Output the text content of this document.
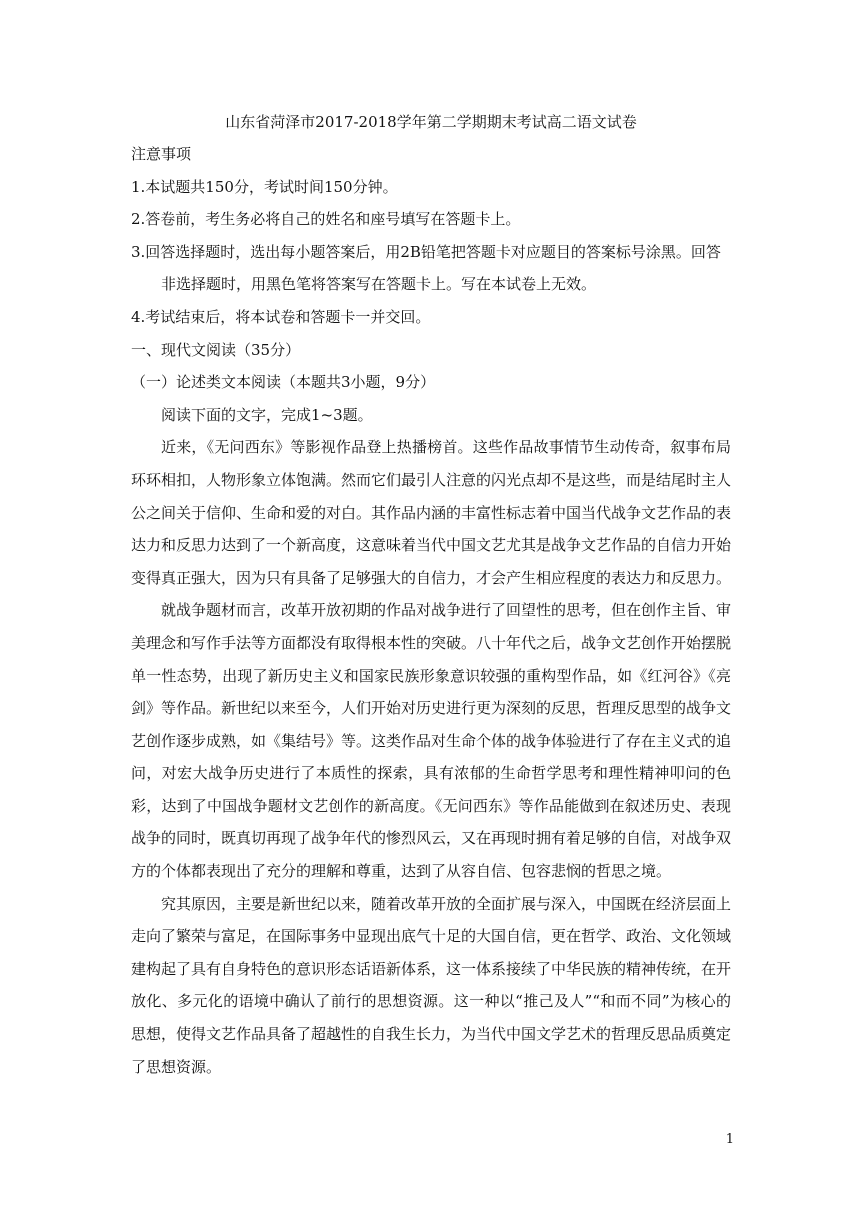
山东省菏泽市2017-2018学年第二学期期末考试高二语文试卷
注意事项
1.本试题共150分，考试时间150分钟。
2.答卷前，考生务必将自己的姓名和座号填写在答题卡上。
3.回答选择题时，选出每小题答案后，用2B铅笔把答题卡对应题目的答案标号涂黑。回答
非选择题时，用黑色笔将答案写在答题卡上。写在本试卷上无效。
4.考试结束后，将本试卷和答题卡一并交回。
一、现代文阅读（35分）
（一）论述类文本阅读（本题共3小题，9分）
阅读下面的文字，完成1~3题。

近来，《无问西东》等影视作品登上热播榜首。这些作品故事情节生动传奇，叙事布局环环相扣，人物形象立体饱满。然而它们最引人注意的闪光点却不是这些，而是结尾时主人公之间关于信仰、生命和爱的对白。其作品内涵的丰富性标志着中国当代战争文艺作品的表达力和反思力达到了一个新高度，这意味着当代中国文艺尤其是战争文艺作品的自信力开始变得真正强大，因为只有具备了足够强大的自信力，才会产生相应程度的表达力和反思力。

就战争题材而言，改革开放初期的作品对战争进行了回望性的思考，但在创作主旨、审美理念和写作手法等方面都没有取得根本性的突破。八十年代之后，战争文艺创作开始摆脱单一性态势，出现了新历史主义和国家民族形象意识较强的重构型作品，如《红河谷》《亮剑》等作品。新世纪以来至今，人们开始对历史进行更为深刻的反思，哲理反思型的战争文艺创作逐步成熟，如《集结号》等。这类作品对生命个体的战争体验进行了存在主义式的追问，对宏大战争历史进行了本质性的探索，具有浓郁的生命哲学思考和理性精神叩问的色彩，达到了中国战争题材文艺创作的新高度。《无问西东》等作品能做到在叙述历史、表现战争的同时，既真切再现了战争年代的惨烈风云，又在再现时拥有着足够的自信，对战争双方的个体都表现出了充分的理解和尊重，达到了从容自信、包容悲悯的哲思之境。

究其原因，主要是新世纪以来，随着改革开放的全面扩展与深入，中国既在经济层面上走向了繁荣与富足，在国际事务中显现出底气十足的大国自信，更在哲学、政治、文化领域建构起了具有自身特色的意识形态话语新体系，这一体系接续了中华民族的精神传统，在开放化、多元化的语境中确认了前行的思想资源。这一种以“推己及人”“和而不同”为核心的思想，使得文艺作品具备了超越性的自我生长力，为当代中国文学艺术的哲理反思品质奠定了思想资源。

1
